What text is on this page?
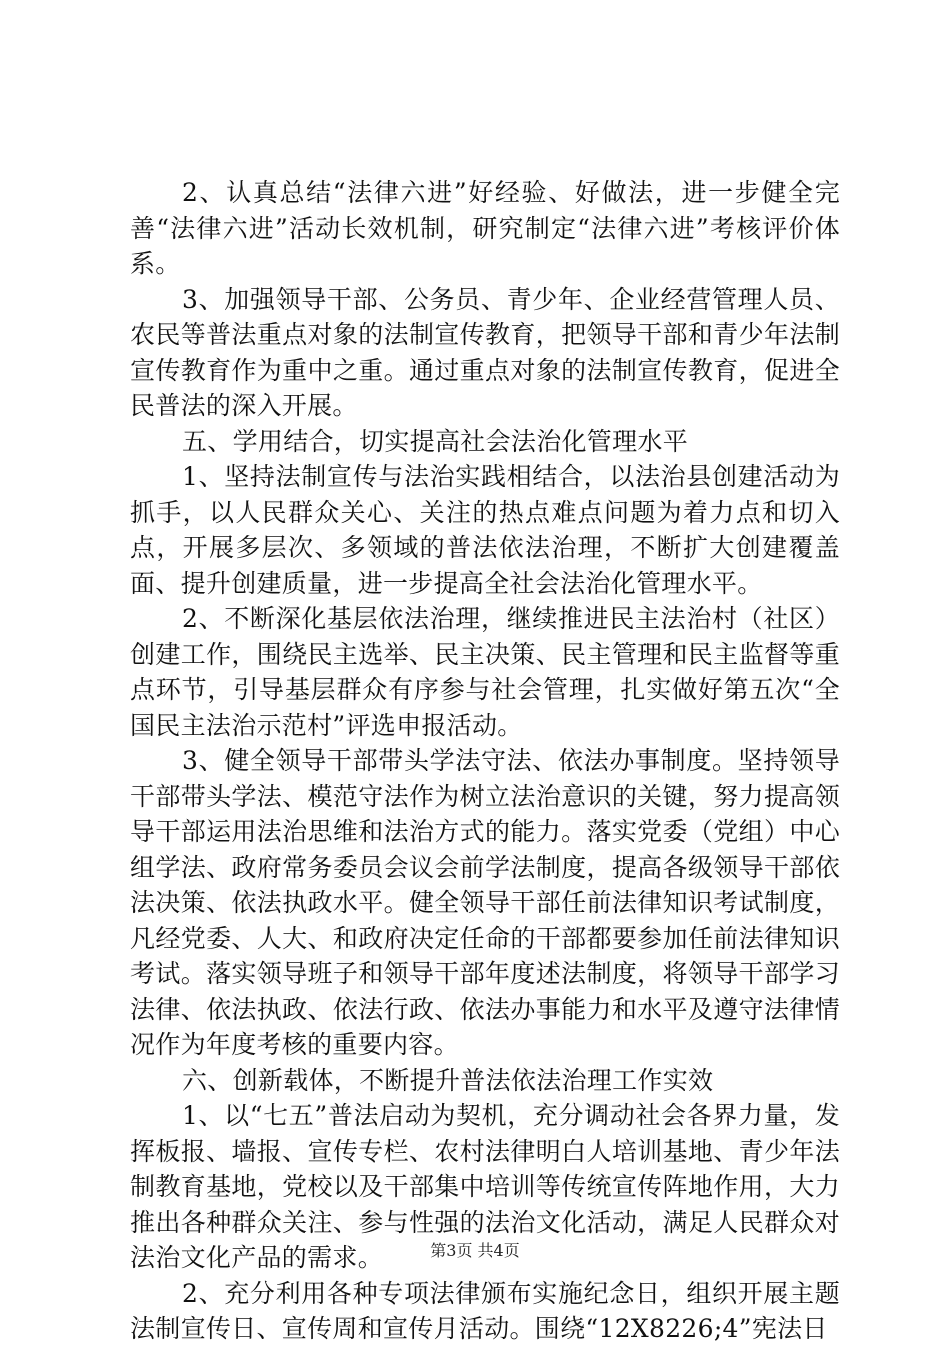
2、认真总结“法律六进”好经验、好做法，进一步健全完善“法律六进”活动长效机制，研究制定“法律六进”考核评价体系。

3、加强领导干部、公务员、青少年、企业经营管理人员、农民等普法重点对象的法制宣传教育，把领导干部和青少年法制宣传教育作为重中之重。通过重点对象的法制宣传教育，促进全民普法的深入开展。

五、学用结合，切实提高社会法治化管理水平

1、坚持法制宣传与法治实践相结合，以法治县创建活动为抓手，以人民群众关心、关注的热点难点问题为着力点和切入点，开展多层次、多领域的普法依法治理，不断扩大创建覆盖面、提升创建质量，进一步提高全社会法治化管理水平。

2、不断深化基层依法治理，继续推进民主法治村（社区）创建工作，围绕民主选举、民主决策、民主管理和民主监督等重点环节，引导基层群众有序参与社会管理，扎实做好第五次“全国民主法治示范村”评选申报活动。

3、健全领导干部带头学法守法、依法办事制度。坚持领导干部带头学法、模范守法作为树立法治意识的关键，努力提高领导干部运用法治思维和法治方式的能力。落实党委（党组）中心组学法、政府常务委员会议会前学法制度，提高各级领导干部依法决策、依法执政水平。健全领导干部任前法律知识考试制度，凡经党委、人大、和政府决定任命的干部都要参加任前法律知识考试。落实领导班子和领导干部年度述法制度，将领导干部学习法律、依法执政、依法行政、依法办事能力和水平及遵守法律情况作为年度考核的重要内容。

六、创新载体，不断提升普法依法治理工作实效

1、以“七五”普法启动为契机，充分调动社会各界力量，发挥板报、墙报、宣传专栏、农村法律明白人培训基地、青少年法制教育基地，党校以及干部集中培训等传统宣传阵地作用，大力推出各种群众关注、参与性强的法治文化活动，满足人民群众对法治文化产品的需求。

2、充分利用各种专项法律颁布实施纪念日，组织开展主题法制宣传日、宣传周和宣传月活动。围绕“12X8226;4”宪法日

第3页 共4页
